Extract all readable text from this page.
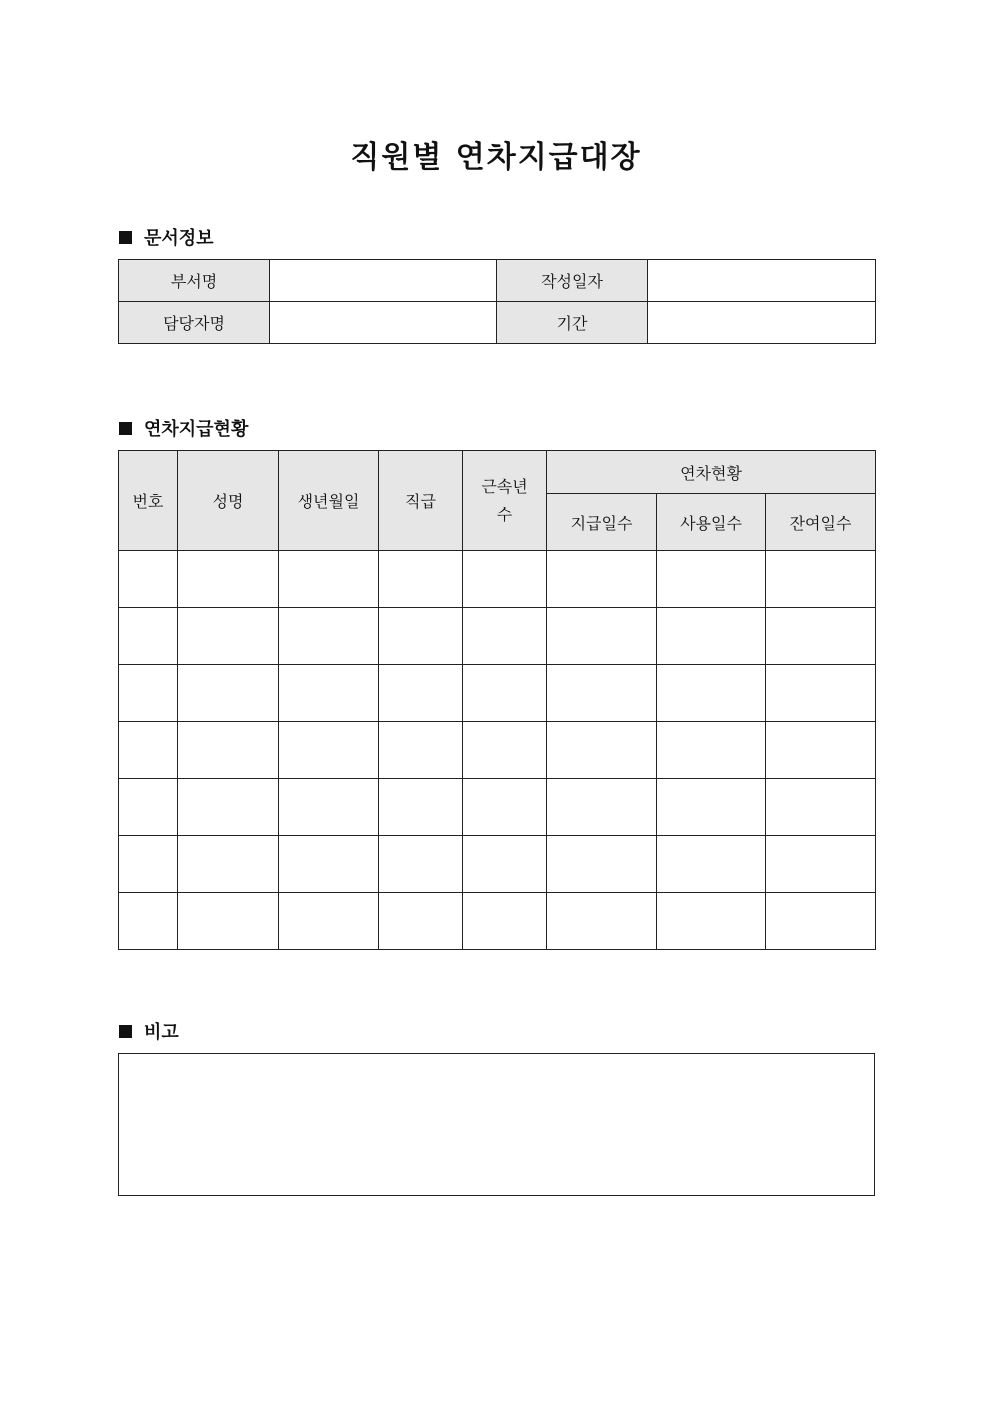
직원별 연차지급대장
문서정보
부서명		작성일자	
담당자명		기간	
연차지급현황
번호	성명	생년월일	직급	근속년수	연차현황		
					지급일수	사용일수	잔여일수

비고
